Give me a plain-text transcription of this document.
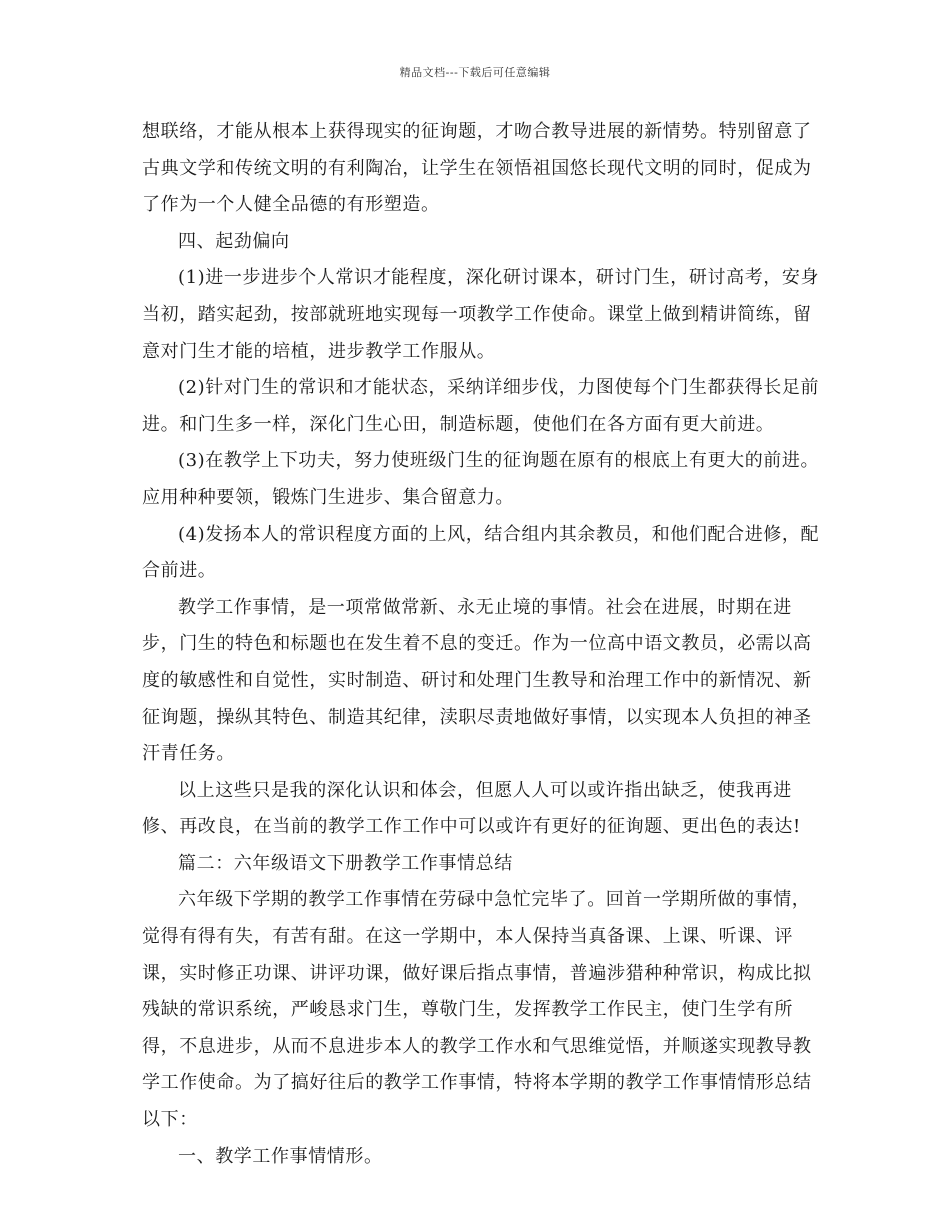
精品文档---下载后可任意编辑

想联络，才能从根本上获得现实的征询题，才吻合教导进展的新情势。特别留意了古典文学和传统文明的有利陶冶，让学生在领悟祖国悠长现代文明的同时，促成为了作为一个人健全品德的有形塑造。

四、起劲偏向

(1)进一步进步个人常识才能程度，深化研讨课本，研讨门生，研讨高考，安身当初，踏实起劲，按部就班地实现每一项教学工作使命。课堂上做到精讲简练，留意对门生才能的培植，进步教学工作服从。

(2)针对门生的常识和才能状态，采纳详细步伐，力图使每个门生都获得长足前进。和门生多一样，深化门生心田，制造标题，使他们在各方面有更大前进。

(3)在教学上下功夫，努力使班级门生的征询题在原有的根底上有更大的前进。应用种种要领，锻炼门生进步、集合留意力。

(4)发扬本人的常识程度方面的上风，结合组内其余教员，和他们配合进修，配合前进。

教学工作事情，是一项常做常新、永无止境的事情。社会在进展，时期在进步，门生的特色和标题也在发生着不息的变迁。作为一位高中语文教员，必需以高度的敏感性和自觉性，实时制造、研讨和处理门生教导和治理工作中的新情况、新征询题，操纵其特色、制造其纪律，渎职尽责地做好事情，以实现本人负担的神圣汗青任务。

以上这些只是我的深化认识和体会，但愿人人可以或许指出缺乏，使我再进修、再改良，在当前的教学工作工作中可以或许有更好的征询题、更出色的表达!

篇二：六年级语文下册教学工作事情总结

六年级下学期的教学工作事情在劳碌中急忙完毕了。回首一学期所做的事情，觉得有得有失，有苦有甜。在这一学期中，本人保持当真备课、上课、听课、评课，实时修正功课、讲评功课，做好课后指点事情，普遍涉猎种种常识，构成比拟残缺的常识系统，严峻恳求门生，尊敬门生，发挥教学工作民主，使门生学有所得，不息进步，从而不息进步本人的教学工作水和气思维觉悟，并顺遂实现教导教学工作使命。为了搞好往后的教学工作事情，特将本学期的教学工作事情情形总结以下：

一、教学工作事情情形。
